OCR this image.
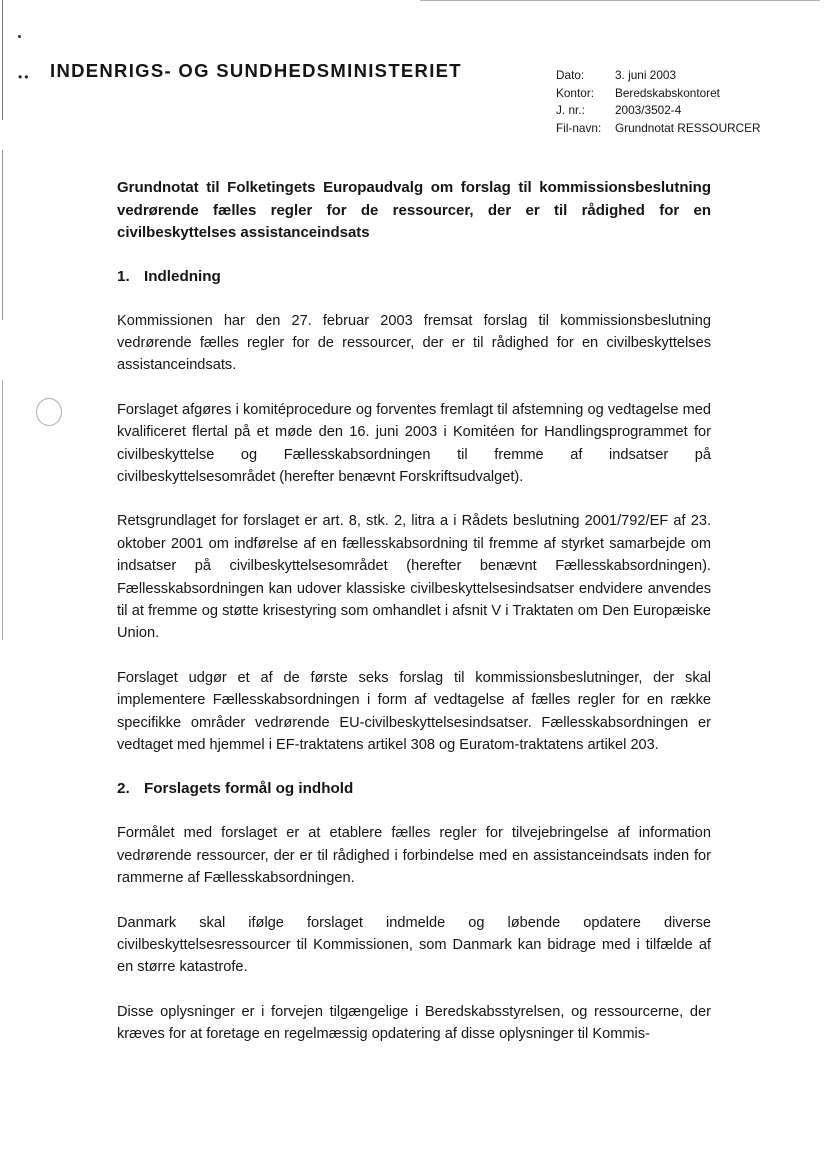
•• INDENRIGS- OG SUNDHEDSMINISTERIET	Dato:	3. juni 2003
Kontor:	Beredskabskontoret
J. nr.:	2003/3502-4
Fil-navn:	Grundnotat RESSOURCER
Grundnotat til Folketingets Europaudvalg om forslag til kommissionsbeslutning vedrørende fælles regler for de ressourcer, der er til rådighed for en civilbeskyttelses assistanceindsats
1. Indledning

Kommissionen har den 27. februar 2003 fremsat forslag til kommissionsbeslutning vedrørende fælles regler for de ressourcer, der er til rådighed for en civilbeskyttelses assistanceindsats.

Forslaget afgøres i komitéprocedure og forventes fremlagt til afstemning og vedtagelse med kvalificeret flertal på et møde den 16. juni 2003 i Komitéen for Handlingsprogrammet for civilbeskyttelse og Fællesskabsordningen til fremme af indsatser på civilbeskyttelsesområdet (herefter benævnt Forskriftsudvalget).

Retsgrundlaget for forslaget er art. 8, stk. 2, litra a i Rådets beslutning 2001/792/EF af 23. oktober 2001 om indførelse af en fællesskabsordning til fremme af styrket samarbejde om indsatser på civilbeskyttelsesområdet (herefter benævnt Fællesskabsordningen). Fællesskabsordningen kan udover klassiske civilbeskyttelsesindsatser endvidere anvendes til at fremme og støtte krisestyring som omhandlet i afsnit V i Traktaten om Den Europæiske Union.

Forslaget udgør et af de første seks forslag til kommissionsbeslutninger, der skal implementere Fællesskabsordningen i form af vedtagelse af fælles regler for en række specifikke områder vedrørende EU-civilbeskyttelsesindsatser. Fællesskabsordningen er vedtaget med hjemmel i EF-traktatens artikel 308 og Euratom-traktatens artikel 203.

2. Forslagets formål og indhold

Formålet med forslaget er at etablere fælles regler for tilvejebringelse af information vedrørende ressourcer, der er til rådighed i forbindelse med en assistanceindsats inden for rammerne af Fællesskabsordningen.

Danmark skal ifølge forslaget indmelde og løbende opdatere diverse civilbeskyttelsesressourcer til Kommissionen, som Danmark kan bidrage med i tilfælde af en større katastrofe.

Disse oplysninger er i forvejen tilgængelige i Beredskabsstyrelsen, og ressourcerne, der kræves for at foretage en regelmæssig opdatering af disse oplysninger til Kommis-
